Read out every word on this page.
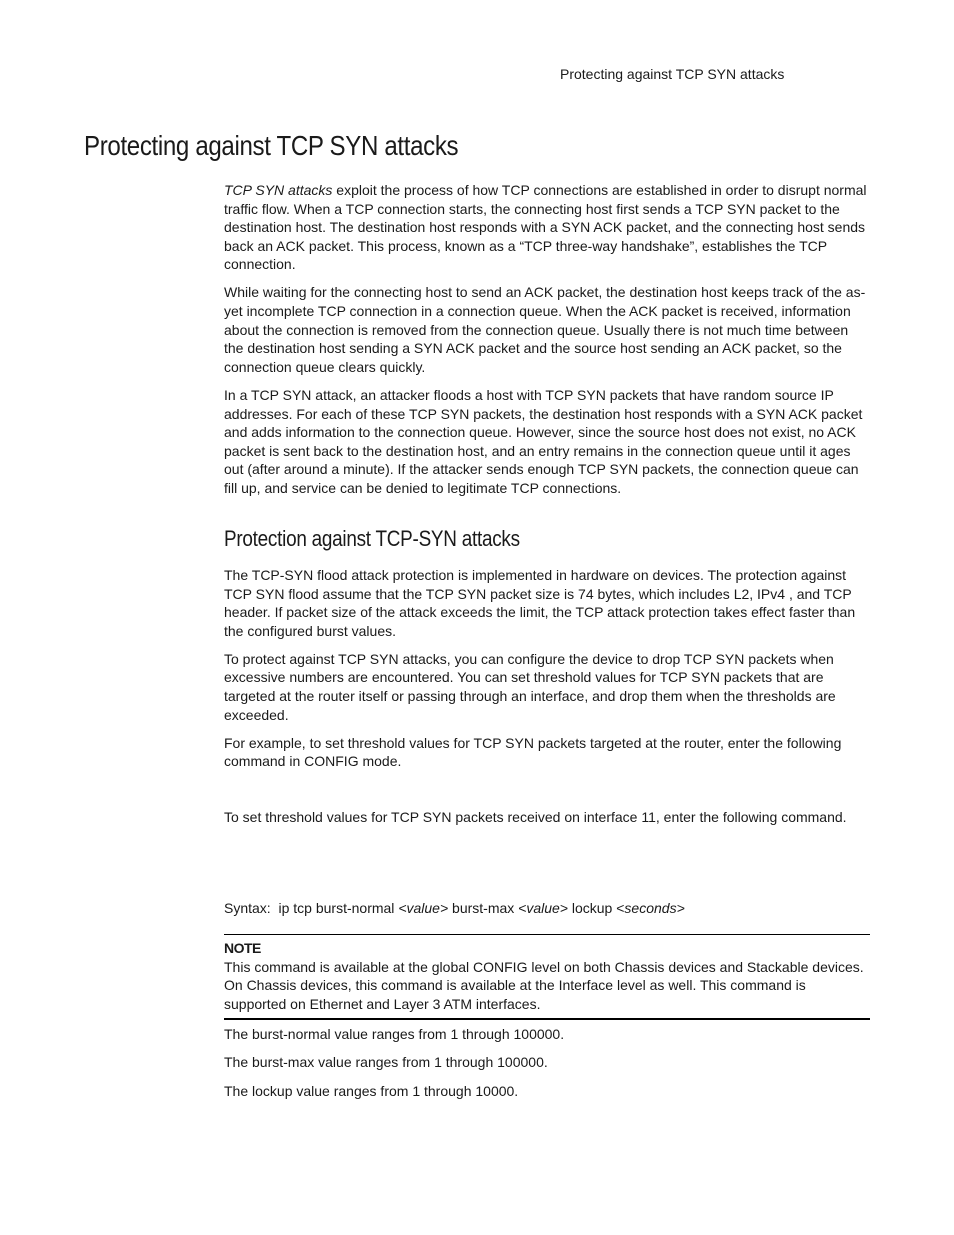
Protecting against TCP SYN attacks
Protecting against TCP SYN attacks

TCP SYN attacks exploit the process of how TCP connections are established in order to disrupt normal traffic flow. When a TCP connection starts, the connecting host first sends a TCP SYN packet to the destination host. The destination host responds with a SYN ACK packet, and the connecting host sends back an ACK packet. This process, known as a “TCP three-way handshake”, establishes the TCP connection.

While waiting for the connecting host to send an ACK packet, the destination host keeps track of the as-yet incomplete TCP connection in a connection queue. When the ACK packet is received, information about the connection is removed from the connection queue. Usually there is not much time between the destination host sending a SYN ACK packet and the source host sending an ACK packet, so the connection queue clears quickly.

In a TCP SYN attack, an attacker floods a host with TCP SYN packets that have random source IP addresses. For each of these TCP SYN packets, the destination host responds with a SYN ACK packet and adds information to the connection queue. However, since the source host does not exist, no ACK packet is sent back to the destination host, and an entry remains in the connection queue until it ages out (after around a minute). If the attacker sends enough TCP SYN packets, the connection queue can fill up, and service can be denied to legitimate TCP connections.

Protection against TCP-SYN attacks

The TCP-SYN flood attack protection is implemented in hardware on devices. The protection against TCP SYN flood assume that the TCP SYN packet size is 74 bytes, which includes L2, IPv4 , and TCP header. If packet size of the attack exceeds the limit, the TCP attack protection takes effect faster than the configured burst values.

To protect against TCP SYN attacks, you can configure the device to drop TCP SYN packets when excessive numbers are encountered. You can set threshold values for TCP SYN packets that are targeted at the router itself or passing through an interface, and drop them when the thresholds are exceeded.

For example, to set threshold values for TCP SYN packets targeted at the router, enter the following command in CONFIG mode.

To set threshold values for TCP SYN packets received on interface 11, enter the following command.

Syntax: ip tcp burst-normal <value> burst-max <value> lockup <seconds>
NOTE
This command is available at the global CONFIG level on both Chassis devices and Stackable devices. On Chassis devices, this command is available at the Interface level as well. This command is supported on Ethernet and Layer 3 ATM interfaces.
The burst-normal value ranges from 1 through 100000.
The burst-max value ranges from 1 through 100000.
The lockup value ranges from 1 through 10000.
